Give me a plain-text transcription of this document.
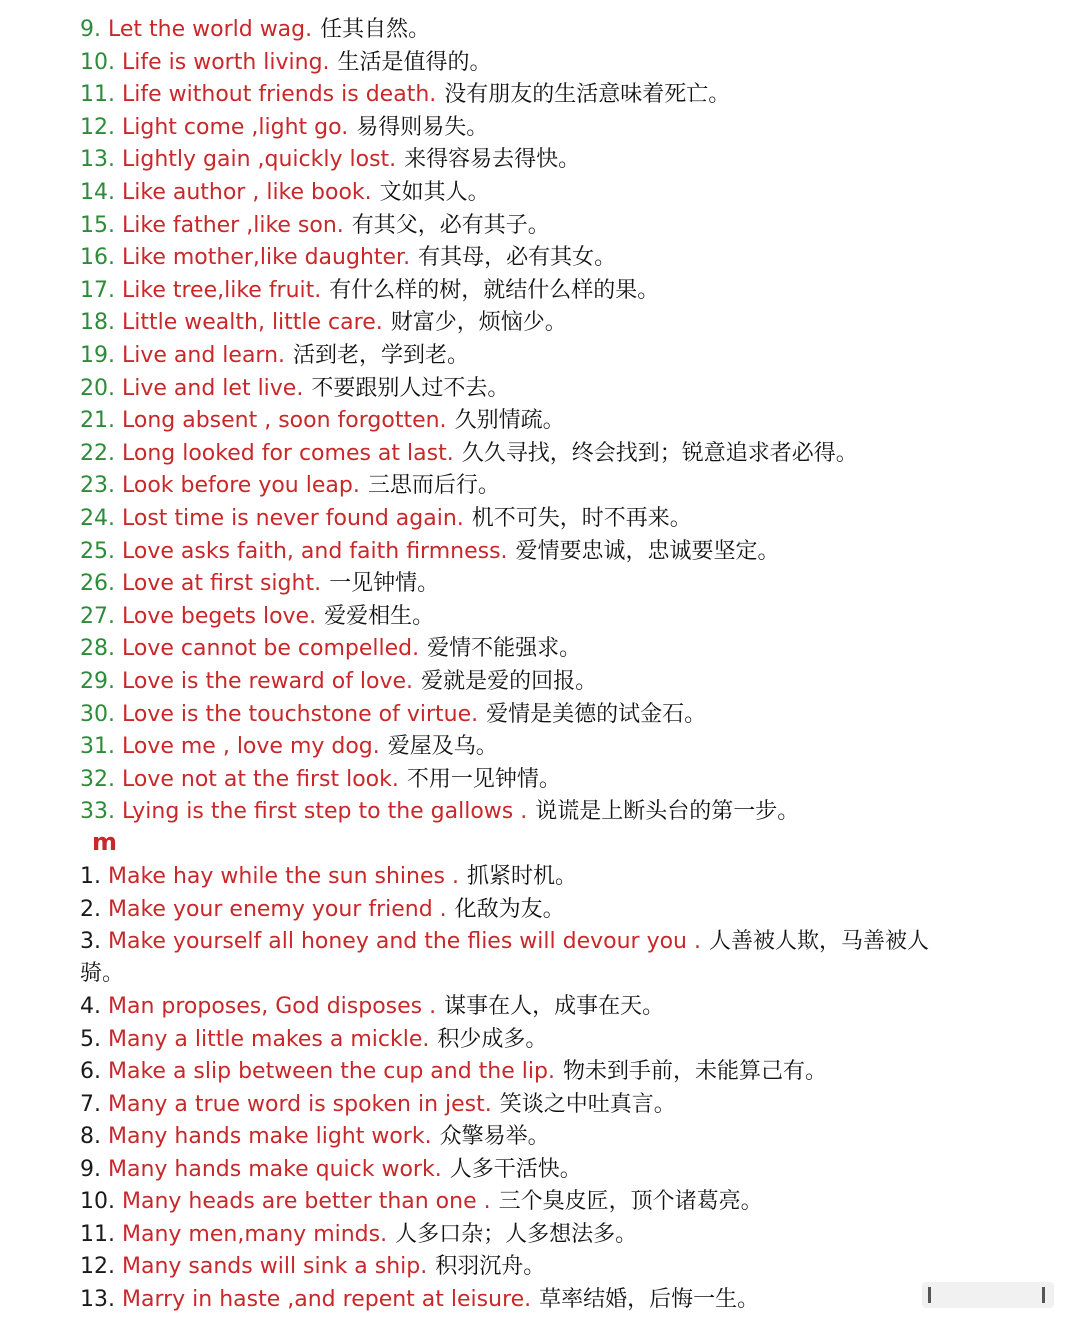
9. Let the world wag. 任其自然。
10. Life is worth living. 生活是值得的。
11. Life without friends is death. 没有朋友的生活意味着死亡。
12. Light come ,light go. 易得则易失。
13. Lightly gain ,quickly lost. 来得容易去得快。
14. Like author , like book. 文如其人。
15. Like father ,like son. 有其父，必有其子。
16. Like mother,like daughter. 有其母，必有其女。
17. Like tree,like fruit. 有什么样的树，就结什么样的果。
18. Little wealth, little care. 财富少，烦恼少。
19. Live and learn. 活到老，学到老。
20. Live and let live. 不要跟别人过不去。
21. Long absent , soon forgotten. 久别情疏。
22. Long looked for comes at last. 久久寻找，终会找到；锐意追求者必得。
23. Look before you leap. 三思而后行。
24. Lost time is never found again. 机不可失，时不再来。
25. Love asks faith, and faith firmness. 爱情要忠诚，忠诚要坚定。
26. Love at first sight. 一见钟情。
27. Love begets love. 爱爱相生。
28. Love cannot be compelled. 爱情不能强求。
29. Love is the reward of love. 爱就是爱的回报。
30. Love is the touchstone of virtue. 爱情是美德的试金石。
31. Love me , love my dog. 爱屋及乌。
32. Love not at the first look. 不用一见钟情。
33. Lying is the first step to the gallows . 说谎是上断头台的第一步。
m
1. Make hay while the sun shines . 抓紧时机。
2. Make your enemy your friend . 化敌为友。
3. Make yourself all honey and the flies will devour you . 人善被人欺，马善被人
4. Man proposes, God disposes . 谋事在人，成事在天。
5. Many a little makes a mickle. 积少成多。
6. Make a slip between the cup and the lip. 物未到手前，未能算己有。
7. Many a true word is spoken in jest. 笑谈之中吐真言。
8. Many hands make light work. 众擎易举。
9. Many hands make quick work. 人多干活快。
10. Many heads are better than one . 三个臭皮匠，顶个诸葛亮。
11. Many men,many minds. 人多口杂；人多想法多。
12. Many sands will sink a ship. 积羽沉舟。
13. Marry in haste ,and repent at leisure. 草率结婚，后悔一生。
骑。
